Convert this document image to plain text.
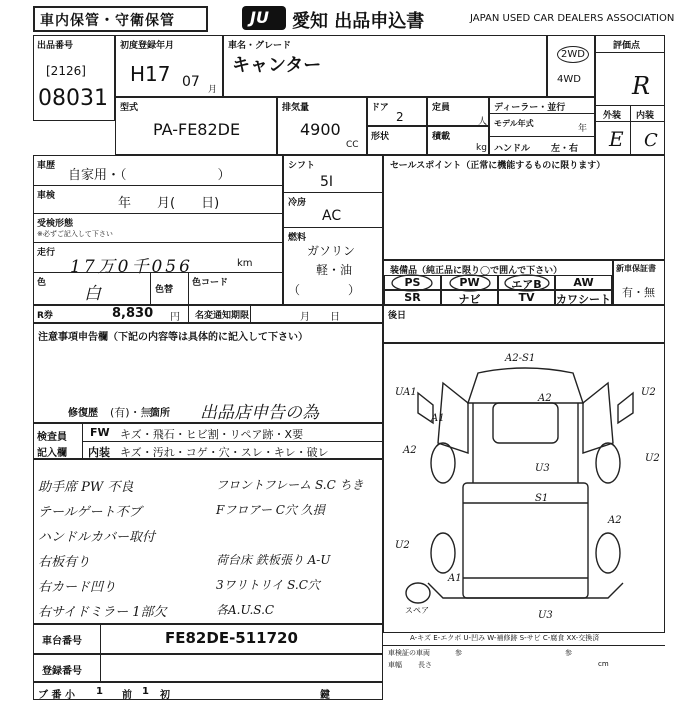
車内保管・守衛保管	JU 愛知 出品申込書	JAPAN USED CAR DEALERS ASSOCIATION
出品番号
[2126]
08031
初度登録年月
H17 07 月
車名・グレード
キャンター
2WD
4WD
評価点
R
外装 内装
E C
型式
PA-FE82DE
排気量
4900
CC
ドア
2
定員
人
形状	積載
kg
ディーラー・並行
モデル年式
年
ハンドル 左・右
車歴
自家用・（　　　　　　　）
車検	年　　月(　　日)
受検形態
※必ずご記入して下さい
走行
17万0千056	km
色
白	色替
色コード
シフト
5I
冷房
AC
燃料
ガソリン
軽・油
（　　　　）
セールスポイント（正常に機能するものに限ります）
装備品（純正品に限り◯で囲んで下さい）
PS	PW	エアB	AW
SR	ナビ	TV	カワシート
新車保証書
有・無
R券	8,830 円 名変通知期限	月　　日	後日
注意事項申告欄（下記の内容等は具体的に記入して下さい）
修復歴 (有)・無
箇所 出品店申告の為
検査員
記入欄
FW キズ・飛石・ヒビ割・リペア跡・X要
内装 キズ・汚れ・コゲ・穴・スレ・キレ・破レ
助手席 PW 不良
テールゲート不ブ
ハンドルカバー取付
右板有り
右カード凹り
右サイドミラー 1部欠
フロントフレーム S.C ちき
Fフロアー C穴 久損
荷台床 鉄板張り A-U
3ワリトリイ S.C穴
各A.U.S.C
A2-S1
A2
UA1
A1
U2
A2
U2
U3
S1
A2
U3
A1
U2
スペア
A-キズ E-エクボ U-凹み W-補修跡 S-サビ C-腐食 XX-交換済
車検証の車両	参	参
車幅 長さ	cm
車台番号	FE82DE-511720
登録番号
ブ 番 小 1 前 1 初	鍵
